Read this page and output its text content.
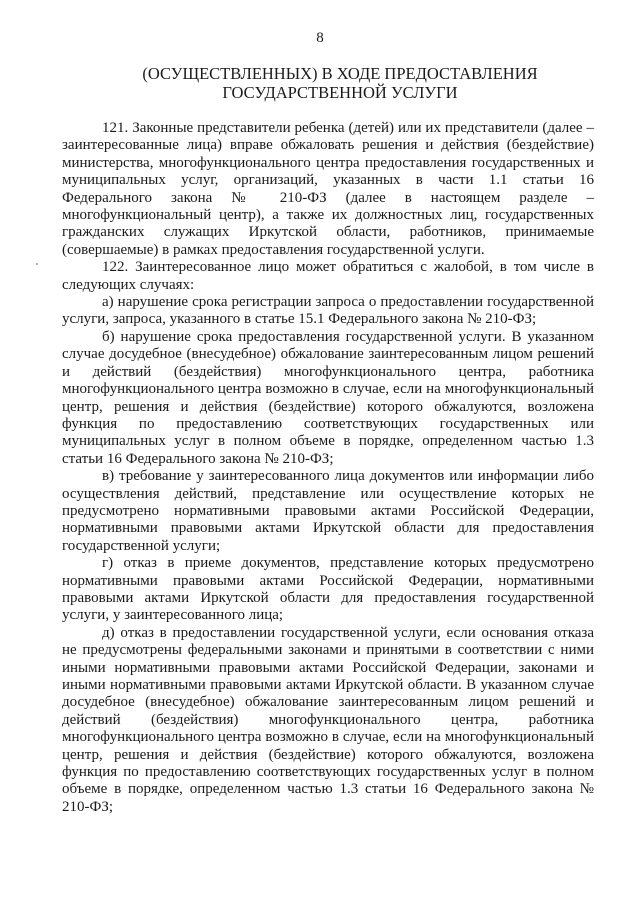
8
(ОСУЩЕСТВЛЕННЫХ) В ХОДЕ ПРЕДОСТАВЛЕНИЯ
ГОСУДАРСТВЕННОЙ УСЛУГИ

121. Законные представители ребенка (детей) или их представители (далее – заинтересованные лица) вправе обжаловать решения и действия (бездействие) министерства, многофункционального центра предоставления государственных и муниципальных услуг, организаций, указанных в части 1.1 статьи 16 Федерального закона № 210-ФЗ (далее в настоящем разделе – многофункциональный центр), а также их должностных лиц, государственных гражданских служащих Иркутской области, работников, принимаемые (совершаемые) в рамках предоставления государственной услуги.

122. Заинтересованное лицо может обратиться с жалобой, в том числе в следующих случаях:

а) нарушение срока регистрации запроса о предоставлении государственной услуги, запроса, указанного в статье 15.1 Федерального закона № 210-ФЗ;

б) нарушение срока предоставления государственной услуги. В указанном случае досудебное (внесудебное) обжалование заинтересованным лицом решений и действий (бездействия) многофункционального центра, работника многофункционального центра возможно в случае, если на многофункциональный центр, решения и действия (бездействие) которого обжалуются, возложена функция по предоставлению соответствующих государственных или муниципальных услуг в полном объеме в порядке, определенном частью 1.3 статьи 16 Федерального закона № 210-ФЗ;

в) требование у заинтересованного лица документов или информации либо осуществления действий, представление или осуществление которых не предусмотрено нормативными правовыми актами Российской Федерации, нормативными правовыми актами Иркутской области для предоставления государственной услуги;

г) отказ в приеме документов, представление которых предусмотрено нормативными правовыми актами Российской Федерации, нормативными правовыми актами Иркутской области для предоставления государственной услуги, у заинтересованного лица;

д) отказ в предоставлении государственной услуги, если основания отказа не предусмотрены федеральными законами и принятыми в соответствии с ними иными нормативными правовыми актами Российской Федерации, законами и иными нормативными правовыми актами Иркутской области. В указанном случае досудебное (внесудебное) обжалование заинтересованным лицом решений и действий (бездействия) многофункционального центра, работника многофункционального центра возможно в случае, если на многофункциональный центр, решения и действия (бездействие) которого обжалуются, возложена функция по предоставлению соответствующих государственных услуг в полном объеме в порядке, определенном частью 1.3 статьи 16 Федерального закона № 210-ФЗ;
